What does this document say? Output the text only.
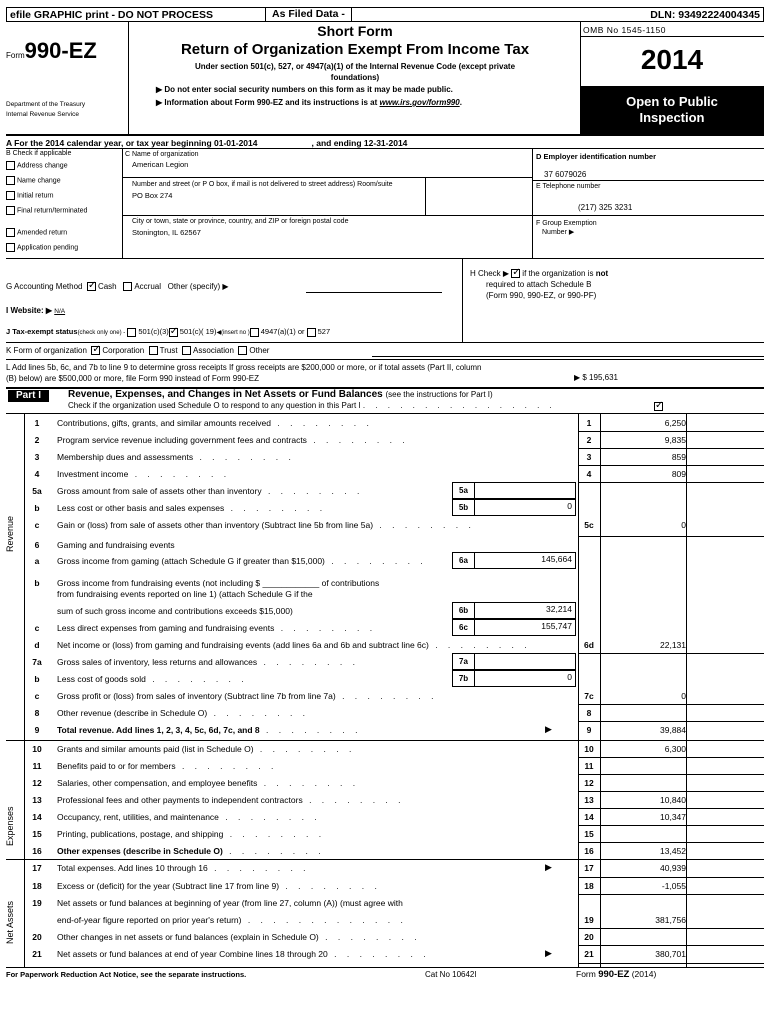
efile GRAPHIC print - DO NOT PROCESS	As Filed Data -	DLN: 93492224004345
Form990-EZ
Department of the Treasury
Internal Revenue Service
Short Form
Return of Organization Exempt From Income Tax
Under section 501(c), 527, or 4947(a)(1) of the Internal Revenue Code (except private
foundations)
▶ Do not enter social security numbers on this form as it may be made public.
▶ Information about Form 990-EZ and its instructions is at www.irs.gov/form990.
OMB No 1545-1150
2014
Open to Public
Inspection
A For the 2014 calendar year, or tax year beginning 01-01-2014	, and ending 12-31-2014
B Check if applicable
Address change
Name change
Initial return
Final return/terminated
Amended return
Application pending
C Name of organization
American Legion
Number and street (or P O box, if mail is not delivered to street address) Room/suite
PO Box 274
City or town, state or province, country, and ZIP or foreign postal code
Stonington, IL 62567
D Employer identification number
37 6079026
E Telephone number
(217) 325 3231
F Group Exemption
Number ▶
G Accounting Method ✓ Cash Accrual Other (specify) ▶
H Check ▶ ✓ if the organization is not
required to attach Schedule B
(Form 990, 990-EZ, or 990-PF)
I Website: ▶ N/A
J Tax-exempt status(check only one) - 501(c)(3) ✓ 501(c)( 19)◀(insert no ) 4947(a)(1) or 527
K Form of organization ✓ Corporation Trust Association Other
L Add lines 5b, 6c, and 7b to line 9 to determine gross receipts If gross receipts are $200,000 or more, or if total assets (Part II, column
(B) below) are $500,000 or more, file Form 990 instead of Form 990-EZ	▶ $ 195,631
Part I	Revenue, Expenses, and Changes in Net Assets or Fund Balances (see the instructions for Part I)
Check if the organization used Schedule O to respond to any question in this Part I . . . . . . . . . . . . . . . .
✓
Revenue
Expenses
Net Assets
1	Contributions, gifts, grants, and similar amounts received . . . . . . . .	1	6,250
2	Program service revenue including government fees and contracts . . . . . . . .	2	9,835
3	Membership dues and assessments . . . . . . . .	3	859
4	Investment income . . . . . . . .	4	809
5a	Gross amount from sale of assets other than inventory . . . . . . . .	5a
b	Less cost or other basis and sales expenses . . . . . . . .	5b	0
c	Gain or (loss) from sale of assets other than inventory (Subtract line 5b from line 5a) . . . . . . . .	5c	0
6	Gaming and fundraising events
a	Gross income from gaming (attach Schedule G if greater than $15,000) . . . . . . . .	6a	145,664
b	Gross income from fundraising events (not including $ ____________ of contributions
from fundraising events reported on line 1) (attach Schedule G if the
sum of such gross income and contributions exceeds $15,000)	6b	32,214
c	Less direct expenses from gaming and fundraising events . . . . . . . .	6c	155,747
d	Net income or (loss) from gaming and fundraising events (add lines 6a and 6b and subtract line 6c) . . . . . . . .	6d	22,131
7a	Gross sales of inventory, less returns and allowances . . . . . . . .	7a
b	Less cost of goods sold . . . . . . . .	7b	0
c	Gross profit or (loss) from sales of inventory (Subtract line 7b from line 7a) . . . . . . . .	7c	0
8	Other revenue (describe in Schedule O) . . . . . . . .	8
9	Total revenue. Add lines 1, 2, 3, 4, 5c, 6d, 7c, and 8 . . . . . . . .	9	39,884
▶
10	Grants and similar amounts paid (list in Schedule O) . . . . . . . .	10	6,300
11	Benefits paid to or for members . . . . . . . .	11
12	Salaries, other compensation, and employee benefits . . . . . . . .	12
13	Professional fees and other payments to independent contractors . . . . . . . .	13	10,840
14	Occupancy, rent, utilities, and maintenance . . . . . . . .	14	10,347
15	Printing, publications, postage, and shipping . . . . . . . .	15
16	Other expenses (describe in Schedule O) . . . . . . . .	16	13,452
17	Total expenses. Add lines 10 through 16 . . . . . . . .	17	40,939
▶
18	Excess or (deficit) for the year (Subtract line 17 from line 9) . . . . . . . .	18	-1,055
19	Net assets or fund balances at beginning of year (from line 27, column (A)) (must agree with
end-of-year figure reported on prior year's return) . . . . . . . . . . . . .	19	381,756
20	Other changes in net assets or fund balances (explain in Schedule O) . . . . . . . .	20
21	Net assets or fund balances at end of year Combine lines 18 through 20 . . . . . . . .	21	380,701
▶
For Paperwork Reduction Act Notice, see the separate instructions.	Cat No 10642I	Form 990-EZ (2014)
